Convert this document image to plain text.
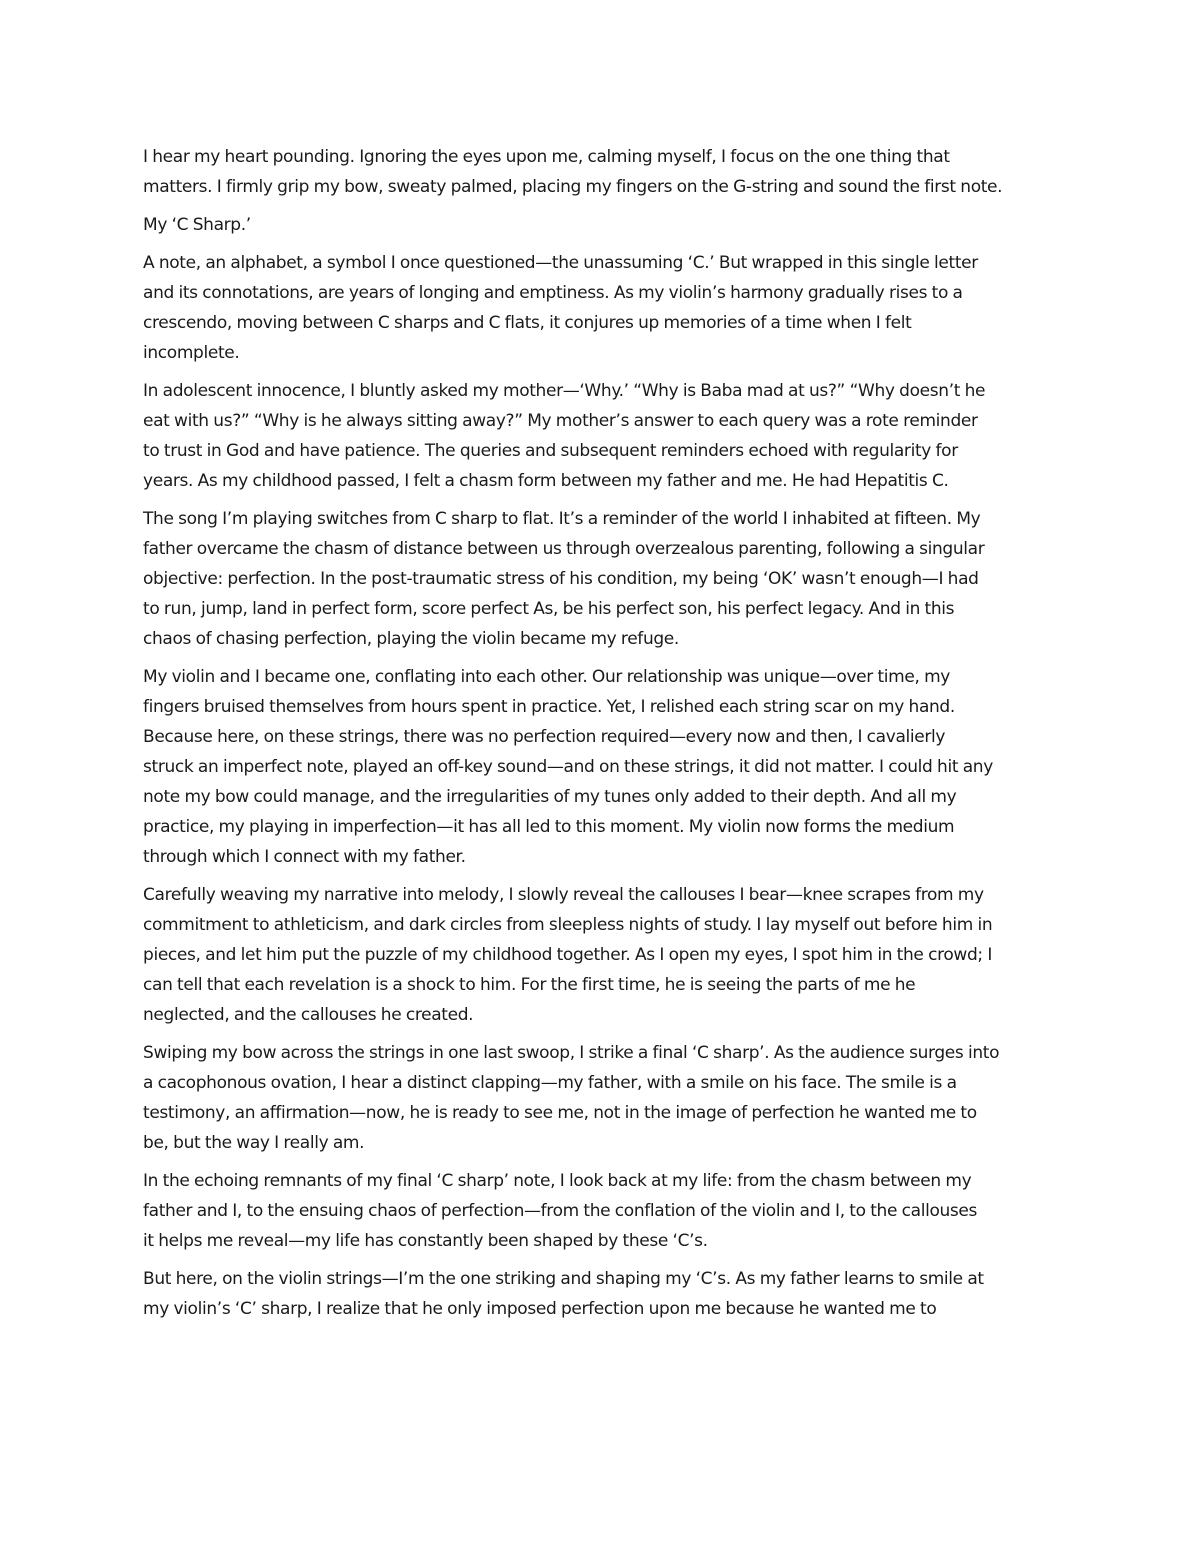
I hear my heart pounding. Ignoring the eyes upon me, calming myself, I focus on the one thing that
matters. I firmly grip my bow, sweaty palmed, placing my fingers on the G-string and sound the first note.

My ‘C Sharp.’

A note, an alphabet, a symbol I once questioned—the unassuming ‘C.’ But wrapped in this single letter
and its connotations, are years of longing and emptiness. As my violin’s harmony gradually rises to a
crescendo, moving between C sharps and C flats, it conjures up memories of a time when I felt
incomplete.

In adolescent innocence, I bluntly asked my mother—‘Why.’ “Why is Baba mad at us?” “Why doesn’t he
eat with us?” “Why is he always sitting away?” My mother’s answer to each query was a rote reminder
to trust in God and have patience. The queries and subsequent reminders echoed with regularity for
years. As my childhood passed, I felt a chasm form between my father and me. He had Hepatitis C.

The song I’m playing switches from C sharp to flat. It’s a reminder of the world I inhabited at fifteen. My
father overcame the chasm of distance between us through overzealous parenting, following a singular
objective: perfection. In the post-traumatic stress of his condition, my being ‘OK’ wasn’t enough—I had
to run, jump, land in perfect form, score perfect As, be his perfect son, his perfect legacy. And in this
chaos of chasing perfection, playing the violin became my refuge.

My violin and I became one, conflating into each other. Our relationship was unique—over time, my
fingers bruised themselves from hours spent in practice. Yet, I relished each string scar on my hand.
Because here, on these strings, there was no perfection required—every now and then, I cavalierly
struck an imperfect note, played an off-key sound—and on these strings, it did not matter. I could hit any
note my bow could manage, and the irregularities of my tunes only added to their depth. And all my
practice, my playing in imperfection—it has all led to this moment. My violin now forms the medium
through which I connect with my father.

Carefully weaving my narrative into melody, I slowly reveal the callouses I bear—knee scrapes from my
commitment to athleticism, and dark circles from sleepless nights of study. I lay myself out before him in
pieces, and let him put the puzzle of my childhood together. As I open my eyes, I spot him in the crowd; I
can tell that each revelation is a shock to him. For the first time, he is seeing the parts of me he
neglected, and the callouses he created.

Swiping my bow across the strings in one last swoop, I strike a final ‘C sharp’. As the audience surges into
a cacophonous ovation, I hear a distinct clapping—my father, with a smile on his face. The smile is a
testimony, an affirmation—now, he is ready to see me, not in the image of perfection he wanted me to
be, but the way I really am.

In the echoing remnants of my final ‘C sharp’ note, I look back at my life: from the chasm between my
father and I, to the ensuing chaos of perfection—from the conflation of the violin and I, to the callouses
it helps me reveal—my life has constantly been shaped by these ‘C’s.

But here, on the violin strings—I’m the one striking and shaping my ‘C’s. As my father learns to smile at
my violin’s ‘C’ sharp, I realize that he only imposed perfection upon me because he wanted me to
